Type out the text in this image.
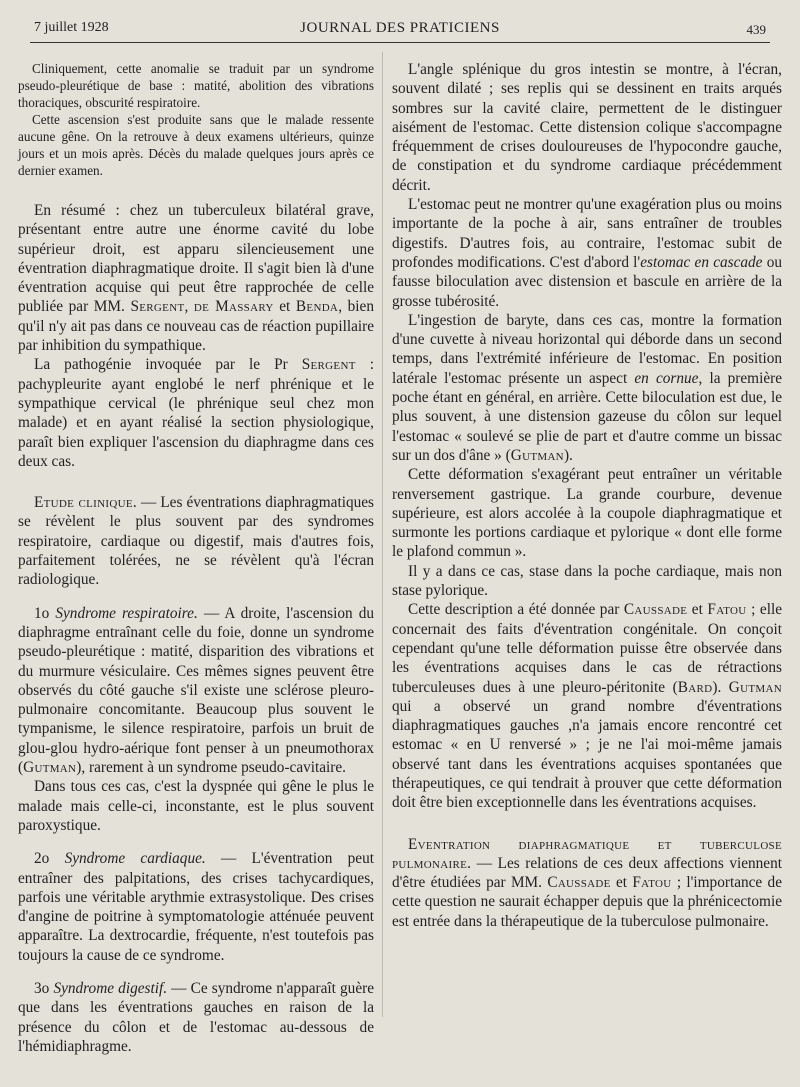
7 juillet 1928	JOURNAL DES PRATICIENS	439

Cliniquement, cette anomalie se traduit par un syndrome pseudo-pleurétique de base : matité, abolition des vibrations thoraciques, obscurité respiratoire.

Cette ascension s'est produite sans que le malade ressente aucune gêne. On la retrouve à deux examens ultérieurs, quinze jours et un mois après. Décès du malade quelques jours après ce dernier examen.

En résumé : chez un tuberculeux bilatéral grave, présentant entre autre une énorme cavité du lobe supérieur droit, est apparu silencieusement une éventration diaphragmatique droite. Il s'agit bien là d'une éventration acquise qui peut être rapprochée de celle publiée par MM. Sergent, de Massary et Benda, bien qu'il n'y ait pas dans ce nouveau cas de réaction pupillaire par inhibition du sympathique.

La pathogénie invoquée par le Pr Sergent : pachypleurite ayant englobé le nerf phrénique et le sympathique cervical (le phrénique seul chez mon malade) et en ayant réalisé la section physiologique, paraît bien expliquer l'ascension du diaphragme dans ces deux cas.

Etude clinique. — Les éventrations diaphragmatiques se révèlent le plus souvent par des syndromes respiratoire, cardiaque ou digestif, mais d'autres fois, parfaitement tolérées, ne se révèlent qu'à l'écran radiologique.

1o Syndrome respiratoire. — A droite, l'ascension du diaphragme entraînant celle du foie, donne un syndrome pseudo-pleurétique : matité, disparition des vibrations et du murmure vésiculaire. Ces mêmes signes peuvent être observés du côté gauche s'il existe une sclérose pleuro-pulmonaire concomitante. Beaucoup plus souvent le tympanisme, le silence respiratoire, parfois un bruit de glou-glou hydro-aérique font penser à un pneumothorax (Gutman), rarement à un syndrome pseudo-cavitaire.

Dans tous ces cas, c'est la dyspnée qui gêne le plus le malade mais celle-ci, inconstante, est le plus souvent paroxystique.

2o Syndrome cardiaque. — L'éventration peut entraîner des palpitations, des crises tachycardiques, parfois une véritable arythmie extrasystolique. Des crises d'angine de poitrine à symptomatologie atténuée peuvent apparaître. La dextrocardie, fréquente, n'est toutefois pas toujours la cause de ce syndrome.

3o Syndrome digestif. — Ce syndrome n'apparaît guère que dans les éventrations gauches en raison de la présence du côlon et de l'estomac au-dessous de l'hémidiaphragme.

L'angle splénique du gros intestin se montre, à l'écran, souvent dilaté ; ses replis qui se dessinent en traits arqués sombres sur la cavité claire, permettent de le distinguer aisément de l'estomac. Cette distension colique s'accompagne fréquemment de crises douloureuses de l'hypocondre gauche, de constipation et du syndrome cardiaque précédemment décrit.

L'estomac peut ne montrer qu'une exagération plus ou moins importante de la poche à air, sans entraîner de troubles digestifs. D'autres fois, au contraire, l'estomac subit de profondes modifications. C'est d'abord l'estomac en cascade ou fausse biloculation avec distension et bascule en arrière de la grosse tubérosité.

L'ingestion de baryte, dans ces cas, montre la formation d'une cuvette à niveau horizontal qui déborde dans un second temps, dans l'extrémité inférieure de l'estomac. En position latérale l'estomac présente un aspect en cornue, la première poche étant en général, en arrière. Cette biloculation est due, le plus souvent, à une distension gazeuse du côlon sur lequel l'estomac « soulevé se plie de part et d'autre comme un bissac sur un dos d'âne » (Gutman).

Cette déformation s'exagérant peut entraîner un véritable renversement gastrique. La grande courbure, devenue supérieure, est alors accolée à la coupole diaphragmatique et surmonte les portions cardiaque et pylorique « dont elle forme le plafond commun ».

Il y a dans ce cas, stase dans la poche cardiaque, mais non stase pylorique.

Cette description a été donnée par Caussade et Fatou ; elle concernait des faits d'éventration congénitale. On conçoit cependant qu'une telle déformation puisse être observée dans les éventrations acquises dans le cas de rétractions tuberculeuses dues à une pleuro-péritonite (Bard). Gutman qui a observé un grand nombre d'éventrations diaphragmatiques gauches ,n'a jamais encore rencontré cet estomac « en U renversé » ; je ne l'ai moi-même jamais observé tant dans les éventrations acquises spontanées que thérapeutiques, ce qui tendrait à prouver que cette déformation doit être bien exceptionnelle dans les éventrations acquises.

Eventration diaphragmatique et tuberculose pulmonaire. — Les relations de ces deux affections viennent d'être étudiées par MM. Caussade et Fatou ; l'importance de cette question ne saurait échapper depuis que la phrénicectomie est entrée dans la thérapeutique de la tuberculose pulmonaire.
